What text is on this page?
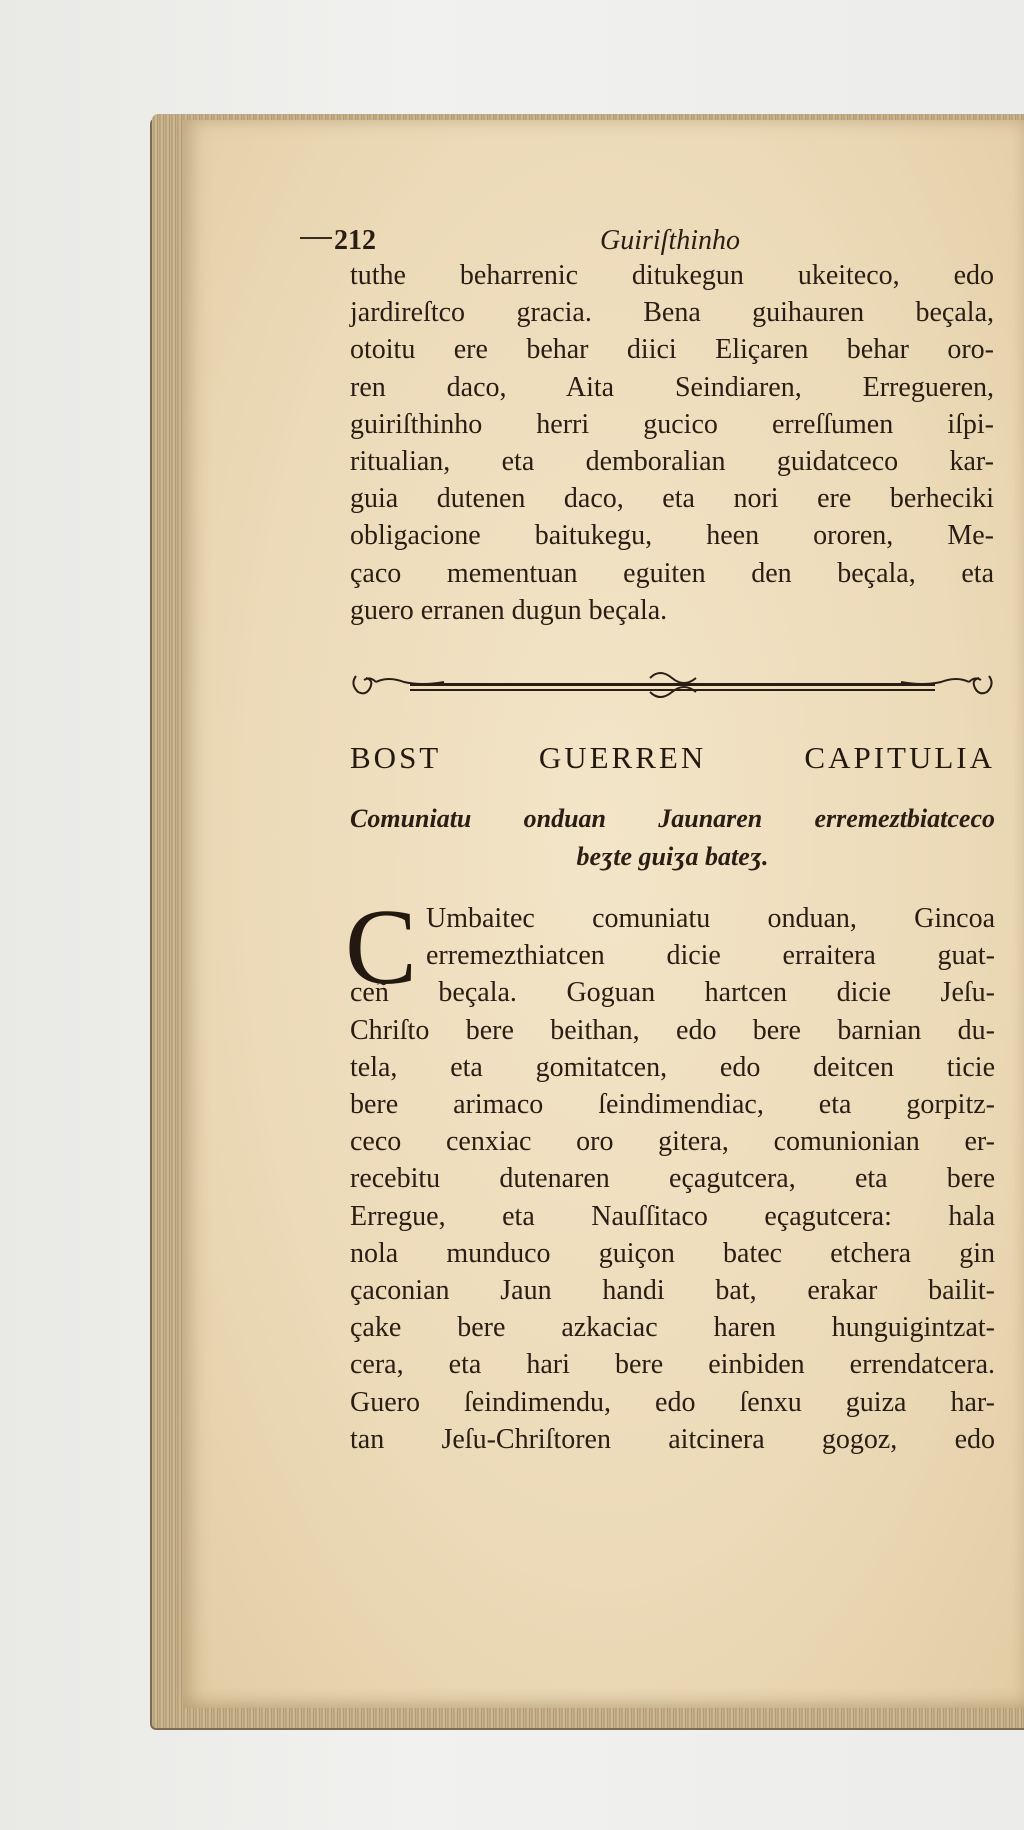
212	Guiriſthinho
tuthe beharrenic ditukegun ukeiteco, edo
jardireſtco gracia. Bena guihauren beçala,
otoitu ere behar diici Eliçaren behar oro-
ren daco, Aita Seindiaren, Erregueren,
guiriſthinho herri gucico erreſſumen iſpi-
ritualian, eta demboralian guidatceco kar-
guia dutenen daco, eta nori ere berheciki
obligacione baitukegu, heen ororen, Me-
çaco mementuan eguiten den beçala, eta
guero erranen dugun beçala.
BOST GUERREN CAPITULIA
Comuniatu onduan Jaunaren erremeztbiatceco
beʒte guiʒa bateʒ.
C Umbaitec comuniatu onduan, Gincoa
erremezthiatcen dicie erraitera guat-
ceñ beçala. Goguan hartcen dicie Jeſu-
Chriſto bere beithan, edo bere barnian du-
tela, eta gomitatcen, edo deitcen ticie
bere arimaco ſeindimendiac, eta gorpitz-
ceco cenxiac oro gitera, comunionian er-
recebitu dutenaren eçagutcera, eta bere
Erregue, eta Nauſſitaco eçagutcera: hala
nola munduco guiçon batec etchera gin
çaconian Jaun handi bat, erakar bailit-
çake bere azkaciac haren hunguigintzat-
cera, eta hari bere einbiden errendatcera.
Guero ſeindimendu, edo ſenxu guiza har-
tan Jeſu-Chriſtoren aitcinera gogoz, edo
